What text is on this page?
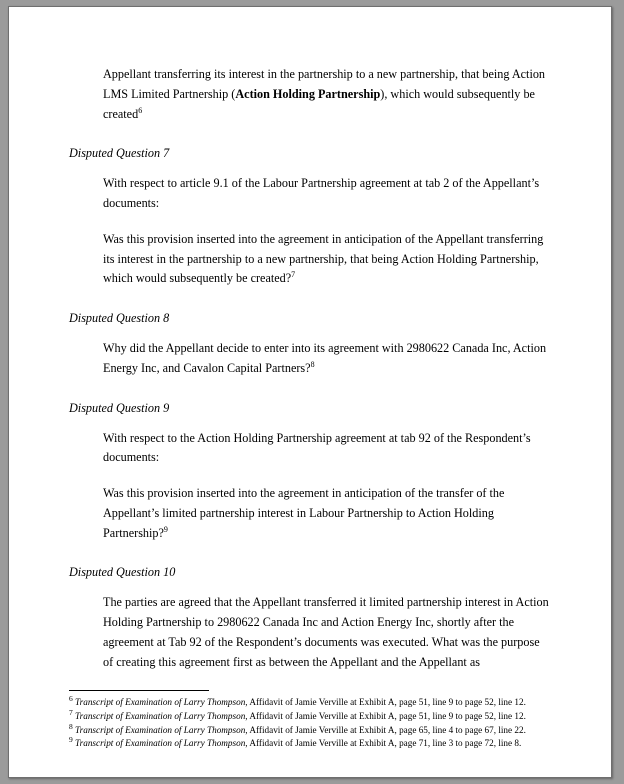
Appellant transferring its interest in the partnership to a new partnership, that being Action LMS Limited Partnership (Action Holding Partnership), which would subsequently be created$^6$

Disputed Question 7

With respect to article 9.1 of the Labour Partnership agreement at tab 2 of the Appellant’s documents:

Was this provision inserted into the agreement in anticipation of the Appellant transferring its interest in the partnership to a new partnership, that being Action Holding Partnership, which would subsequently be created?$^7$

Disputed Question 8

Why did the Appellant decide to enter into its agreement with 2980622 Canada Inc, Action Energy Inc, and Cavalon Capital Partners?$^8$

Disputed Question 9

With respect to the Action Holding Partnership agreement at tab 92 of the Respondent’s documents:

Was this provision inserted into the agreement in anticipation of the transfer of the Appellant’s limited partnership interest in Labour Partnership to Action Holding Partnership?$^9$

Disputed Question 10

The parties are agreed that the Appellant transferred it limited partnership interest in Action Holding Partnership to 2980622 Canada Inc and Action Energy Inc, shortly after the agreement at Tab 92 of the Respondent’s documents was executed. What was the purpose of creating this agreement first as between the Appellant and the Appellant as

$^6$ Transcript of Examination of Larry Thompson, Affidavit of Jamie Verville at Exhibit A, page 51, line 9 to page 52, line 12.

$^7$ Transcript of Examination of Larry Thompson, Affidavit of Jamie Verville at Exhibit A, page 51, line 9 to page 52, line 12.

$^8$ Transcript of Examination of Larry Thompson, Affidavit of Jamie Verville at Exhibit A, page 65, line 4 to page 67, line 22.

$^9$ Transcript of Examination of Larry Thompson, Affidavit of Jamie Verville at Exhibit A, page 71, line 3 to page 72, line 8.
